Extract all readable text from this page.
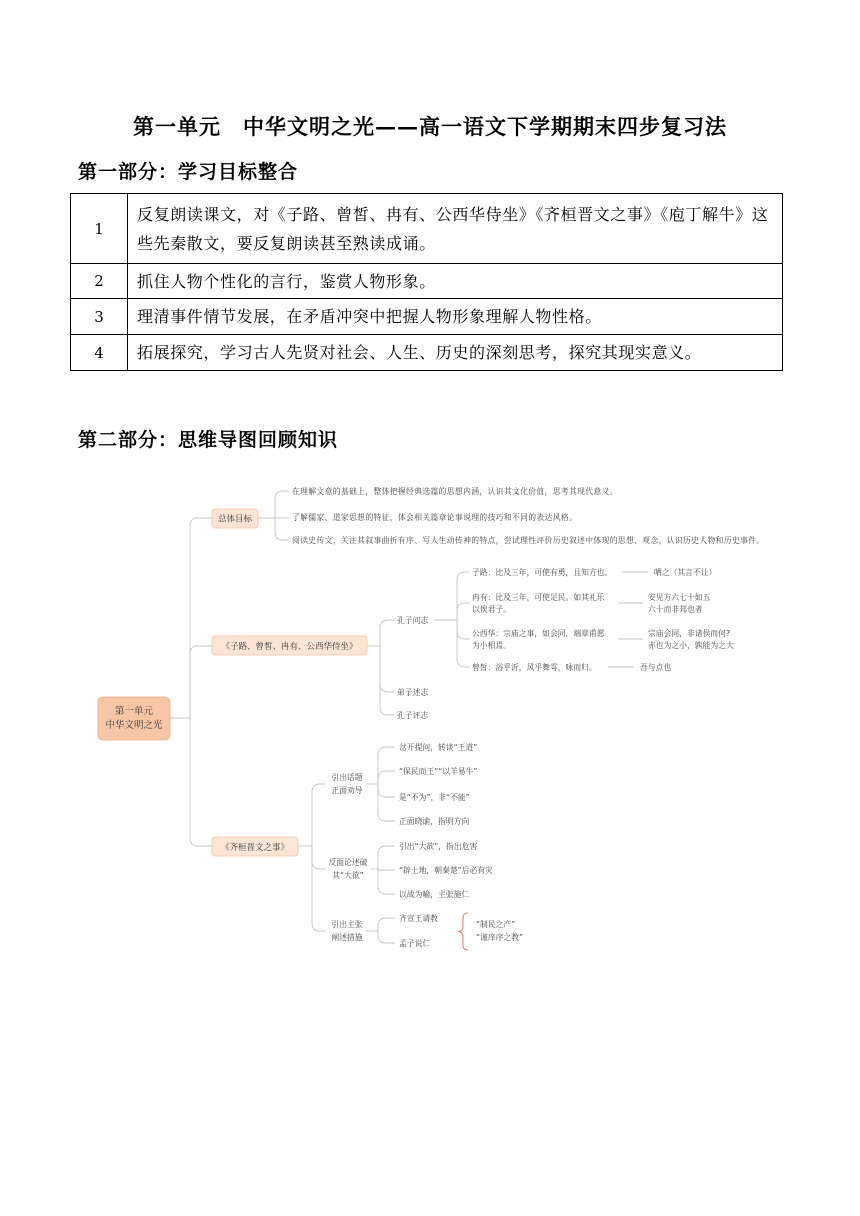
第一单元　中华文明之光——高一语文下学期期末四步复习法
第一部分：学习目标整合
1	反复朗读课文，对《子路、曾皙、冉有、公西华侍坐》《齐桓晋文之事》《庖丁解牛》这些先秦散文，要反复朗读甚至熟读成诵。
2	抓住人物个性化的言行，鉴赏人物形象。
3	理清事件情节发展，在矛盾冲突中把握人物形象理解人物性格。
4	拓展探究，学习古人先贤对社会、人生、历史的深刻思考，探究其现实意义。
第二部分：思维导图回顾知识
第一单元
中华文明之光
总体目标
在理解文意的基础上，整体把握经典选篇的思想内涵，认识其文化价值，思考其现代意义。
了解儒家、道家思想的特征，体会相关篇章论事说理的技巧和不同的表达风格。
阅读史传文，关注其叙事曲折有序、写人生动传神的特点，尝试理性评价历史叙述中体现的思想、观念，认识历史人物和历史事件。
《子路、曾皙、冉有、公西华侍坐》
孔子问志
弟子述志
孔子评志
子路：比及三年，可使有勇，且知方也。	哂之（其言不让）
冉有：比及三年，可使足民。如其礼乐
以俟君子。
安见方六七十如五
六十而非邦也者
公西华：宗庙之事，如会同，端章甫愿
为小相焉。
宗庙会同，非诸侯而何?
赤也为之小，孰能为之大
曾皙：浴乎沂，风乎舞雩，咏而归。	吾与点也
《齐桓晋文之事》
引出话题
正面劝导
岔开提问，转谈“王道”
“保民而王”“以羊易牛”
是“不为”，非“不能”
正面晓谕，指明方向
反面论述破
其“大欲”
引出“大欲”，指出危害
“辟土地，朝秦楚”后必有灾
以战为喻，主张施仁
引出主张
阐述措施
齐宣王请教
孟子说仁
“制民之产”
“谨庠序之教”
